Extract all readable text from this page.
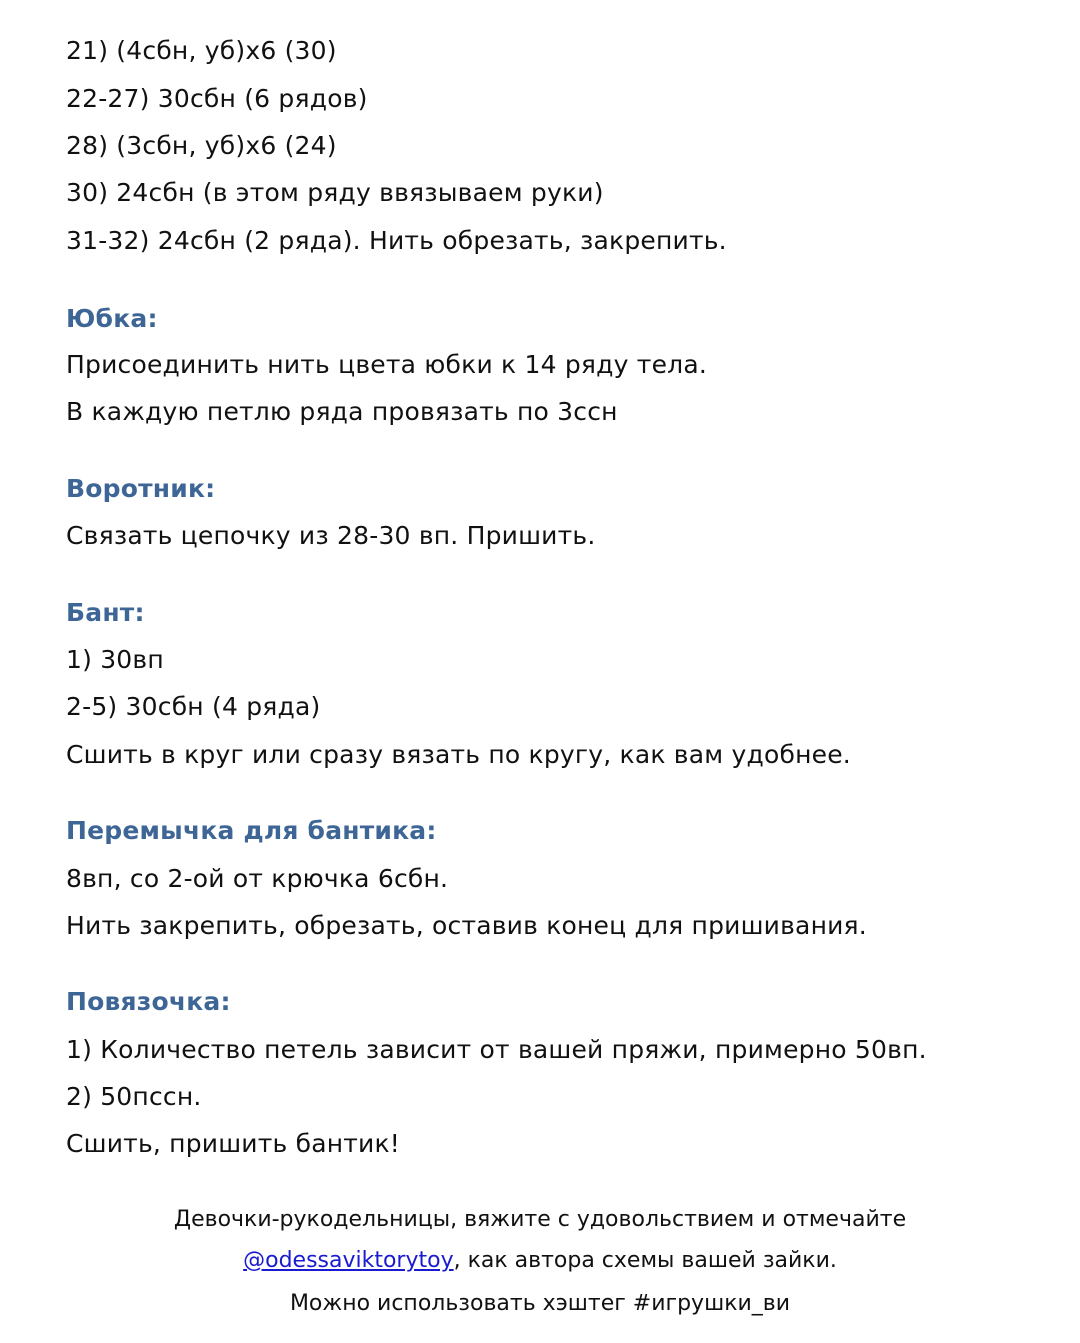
21) (4сбн, уб)х6 (30)
22-27) 30сбн (6 рядов)
28) (3сбн, уб)х6 (24)
30) 24сбн (в этом ряду ввязываем руки)
31-32) 24сбн (2 ряда). Нить обрезать, закрепить.
Юбка:
Присоединить нить цвета юбки к 14 ряду тела.
В каждую петлю ряда провязать по 3ссн
Воротник:
Связать цепочку из 28-30 вп. Пришить.
Бант:
1) 30вп
2-5) 30сбн (4 ряда)
Сшить в круг или сразу вязать по кругу, как вам удобнее.
Перемычка для бантика:
8вп, со 2-ой от крючка 6сбн.
Нить закрепить, обрезать, оставив конец для пришивания.
Повязочка:
1) Количество петель зависит от вашей пряжи, примерно 50вп.
2) 50пссн.
Сшить, пришить бантик!
Девочки-рукодельницы, вяжите с удовольствием и отмечайте
@odessaviktorytoy, как автора схемы вашей зайки.
Можно использовать хэштег #игрушки_ви
